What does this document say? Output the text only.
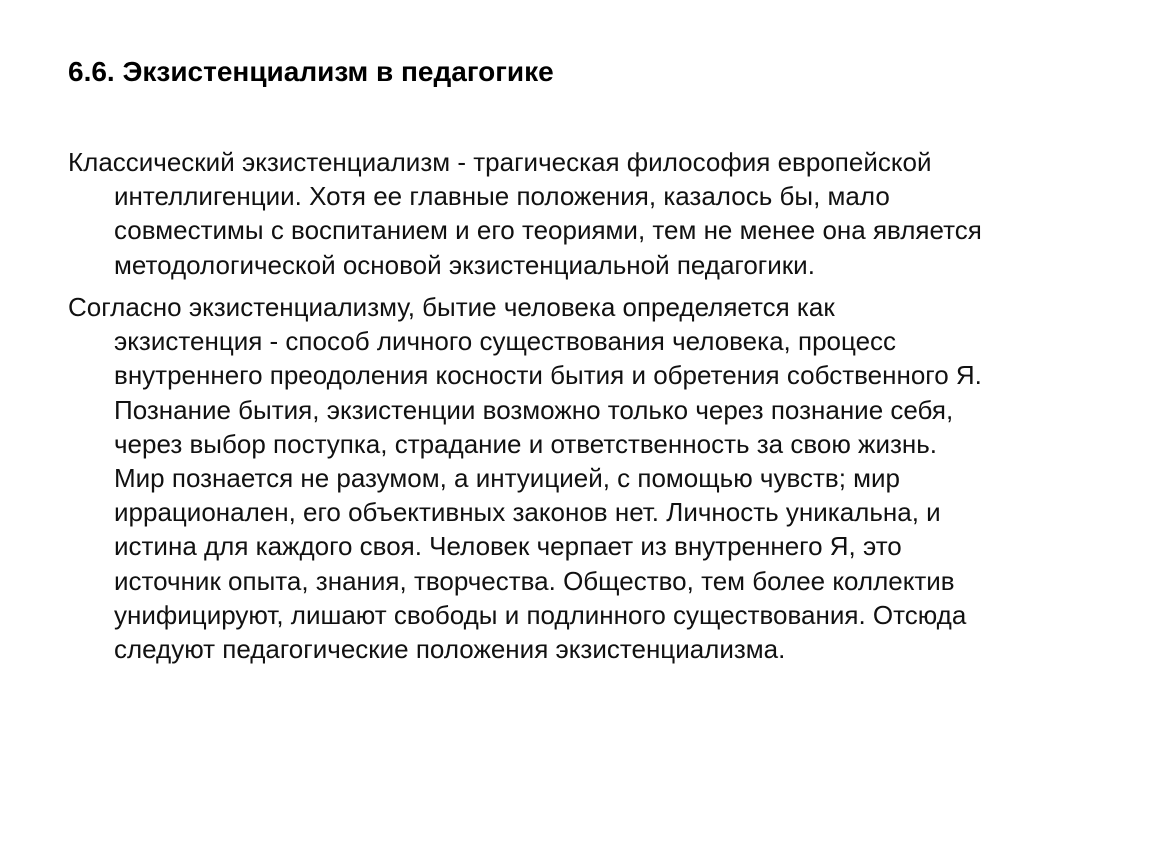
6.6. Экзистенциализм в педагогике

Классический экзистенциализм - трагическая философия европейской
интеллигенции. Хотя ее главные положения, казалось бы, мало
совместимы с воспитанием и его теориями, тем не менее она является
методологической основой экзистенциальной педагогики.

Согласно экзистенциализму, бытие человека определяется как
экзистенция - способ личного существования человека, процесс
внутреннего преодоления косности бытия и обретения собственного Я.
Познание бытия, экзистенции возможно только через познание себя,
через выбор поступка, страдание и ответственность за свою жизнь.
Мир познается не разумом, а интуицией, с помощью чувств; мир
иррационален, его объективных законов нет. Личность уникальна, и
истина для каждого своя. Человек черпает из внутреннего Я, это
источник опыта, знания, творчества. Общество, тем более коллектив
унифицируют, лишают свободы и подлинного существования. Отсюда
следуют педагогические положения экзистенциализма.
